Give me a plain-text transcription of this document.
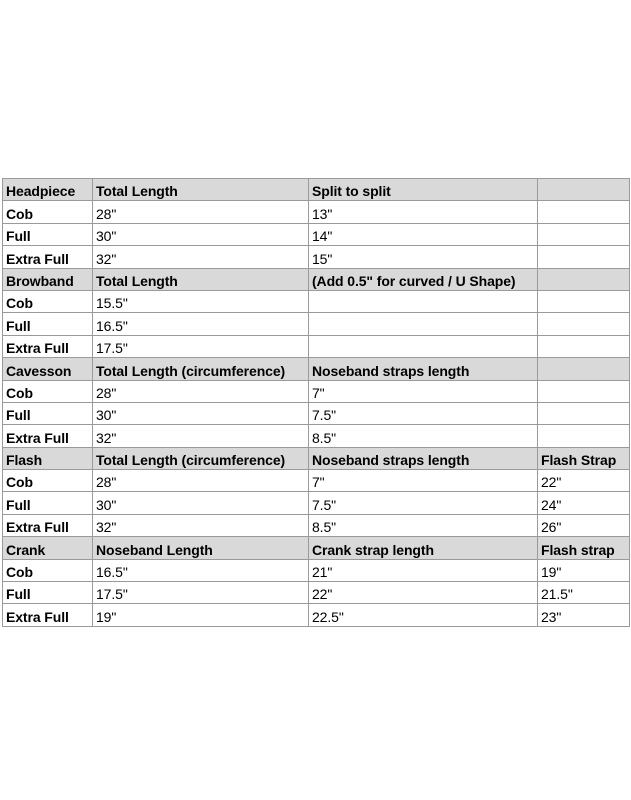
Headpiece	Total Length	Split to split	
Cob	28"	13"	
Full	30"	14"	
Extra Full	32"	15"	
Browband	Total Length	(Add 0.5" for curved / U Shape)	
Cob	15.5"		
Full	16.5"		
Extra Full	17.5"		
Cavesson	Total Length (circumference)	Noseband straps length	
Cob	28"	7"	
Full	30"	7.5"	
Extra Full	32"	8.5"	
Flash	Total Length (circumference)	Noseband straps length	Flash Strap
Cob	28"	7"	22"
Full	30"	7.5"	24"
Extra Full	32"	8.5"	26"
Crank	Noseband Length	Crank strap length	Flash strap
Cob	16.5"	21"	19"
Full	17.5"	22"	21.5"
Extra Full	19"	22.5"	23"
